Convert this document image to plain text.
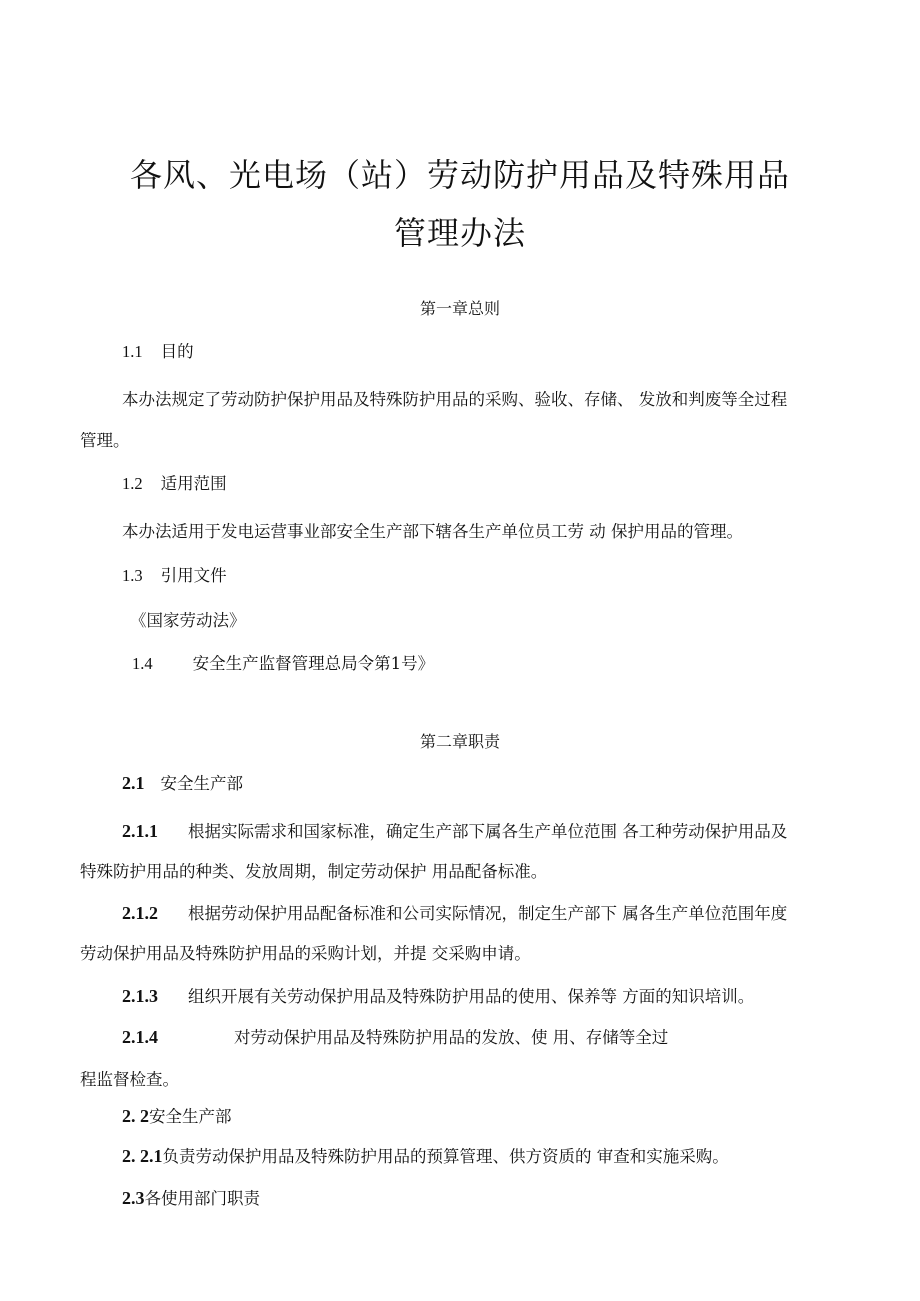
各风、光电场（站）劳动防护用品及特殊用品
管理办法
第一章总则
1.1 目的
本办法规定了劳动防护保护用品及特殊防护用品的采购、验收、存储、 发放和判废等全过程
管理。
1.2 适用范围
本办法适用于发电运营事业部安全生产部下辖各生产单位员工劳 动 保护用品的管理。
1.3 引用文件
《国家劳动法》
1.4 安全生产监督管理总局令第1号》
第二章职责
2.1 安全生产部
2.1.1 根据实际需求和国家标准，确定生产部下属各生产单位范围 各工种劳动保护用品及
特殊防护用品的种类、发放周期，制定劳动保护 用品配备标准。
2.1.2 根据劳动保护用品配备标准和公司实际情况，制定生产部下 属各生产单位范围年度
劳动保护用品及特殊防护用品的采购计划，并提 交采购申请。
2.1.3 组织开展有关劳动保护用品及特殊防护用品的使用、保养等 方面的知识培训。
2.1.4	对劳动保护用品及特殊防护用品的发放、使 用、存储等全过
程监督检查。
2. 2安全生产部
2. 2.1负责劳动保护用品及特殊防护用品的预算管理、供方资质的 审查和实施采购。
2.3各使用部门职责
